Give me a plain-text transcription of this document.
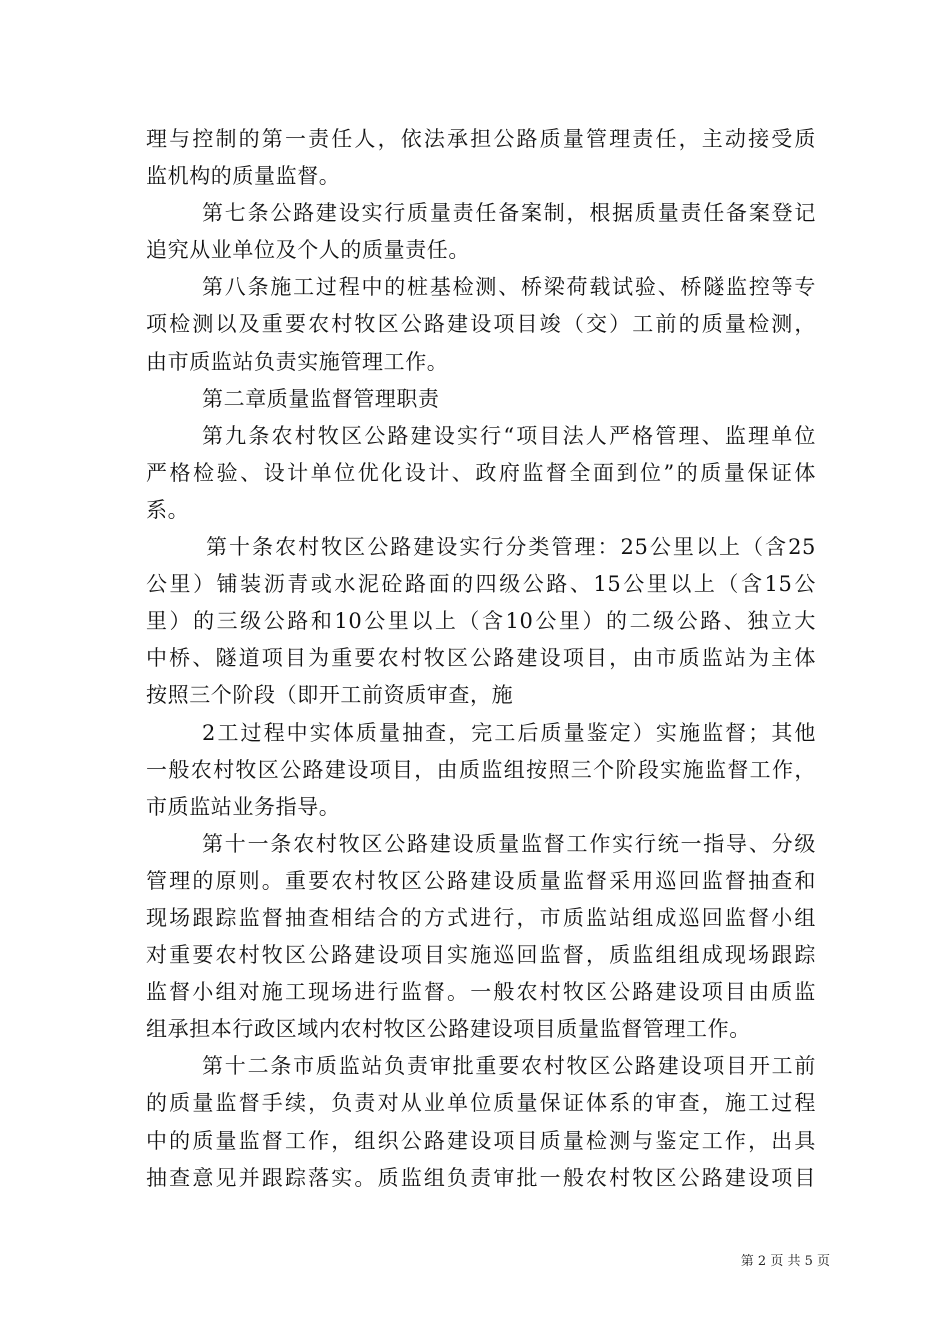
理与控制的第一责任人，依法承担公路质量管理责任，主动接受质
监机构的质量监督。
第七条公路建设实行质量责任备案制，根据质量责任备案登记
追究从业单位及个人的质量责任。
第八条施工过程中的桩基检测、桥梁荷载试验、桥隧监控等专
项检测以及重要农村牧区公路建设项目竣（交）工前的质量检测，
由市质监站负责实施管理工作。
第二章质量监督管理职责
第九条农村牧区公路建设实行“项目法人严格管理、监理单位
严格检验、设计单位优化设计、政府监督全面到位”的质量保证体
系。
第十条农村牧区公路建设实行分类管理：25公里以上（含25
公里）铺装沥青或水泥砼路面的四级公路、15公里以上（含15公
里）的三级公路和10公里以上（含10公里）的二级公路、独立大
中桥、隧道项目为重要农村牧区公路建设项目，由市质监站为主体
按照三个阶段（即开工前资质审查，施
2工过程中实体质量抽查，完工后质量鉴定）实施监督；其他
一般农村牧区公路建设项目，由质监组按照三个阶段实施监督工作，
市质监站业务指导。
第十一条农村牧区公路建设质量监督工作实行统一指导、分级
管理的原则。重要农村牧区公路建设质量监督采用巡回监督抽查和
现场跟踪监督抽查相结合的方式进行，市质监站组成巡回监督小组
对重要农村牧区公路建设项目实施巡回监督，质监组组成现场跟踪
监督小组对施工现场进行监督。一般农村牧区公路建设项目由质监
组承担本行政区域内农村牧区公路建设项目质量监督管理工作。
第十二条市质监站负责审批重要农村牧区公路建设项目开工前
的质量监督手续，负责对从业单位质量保证体系的审查，施工过程
中的质量监督工作，组织公路建设项目质量检测与鉴定工作，出具
抽查意见并跟踪落实。质监组负责审批一般农村牧区公路建设项目
第 2 页 共 5 页
